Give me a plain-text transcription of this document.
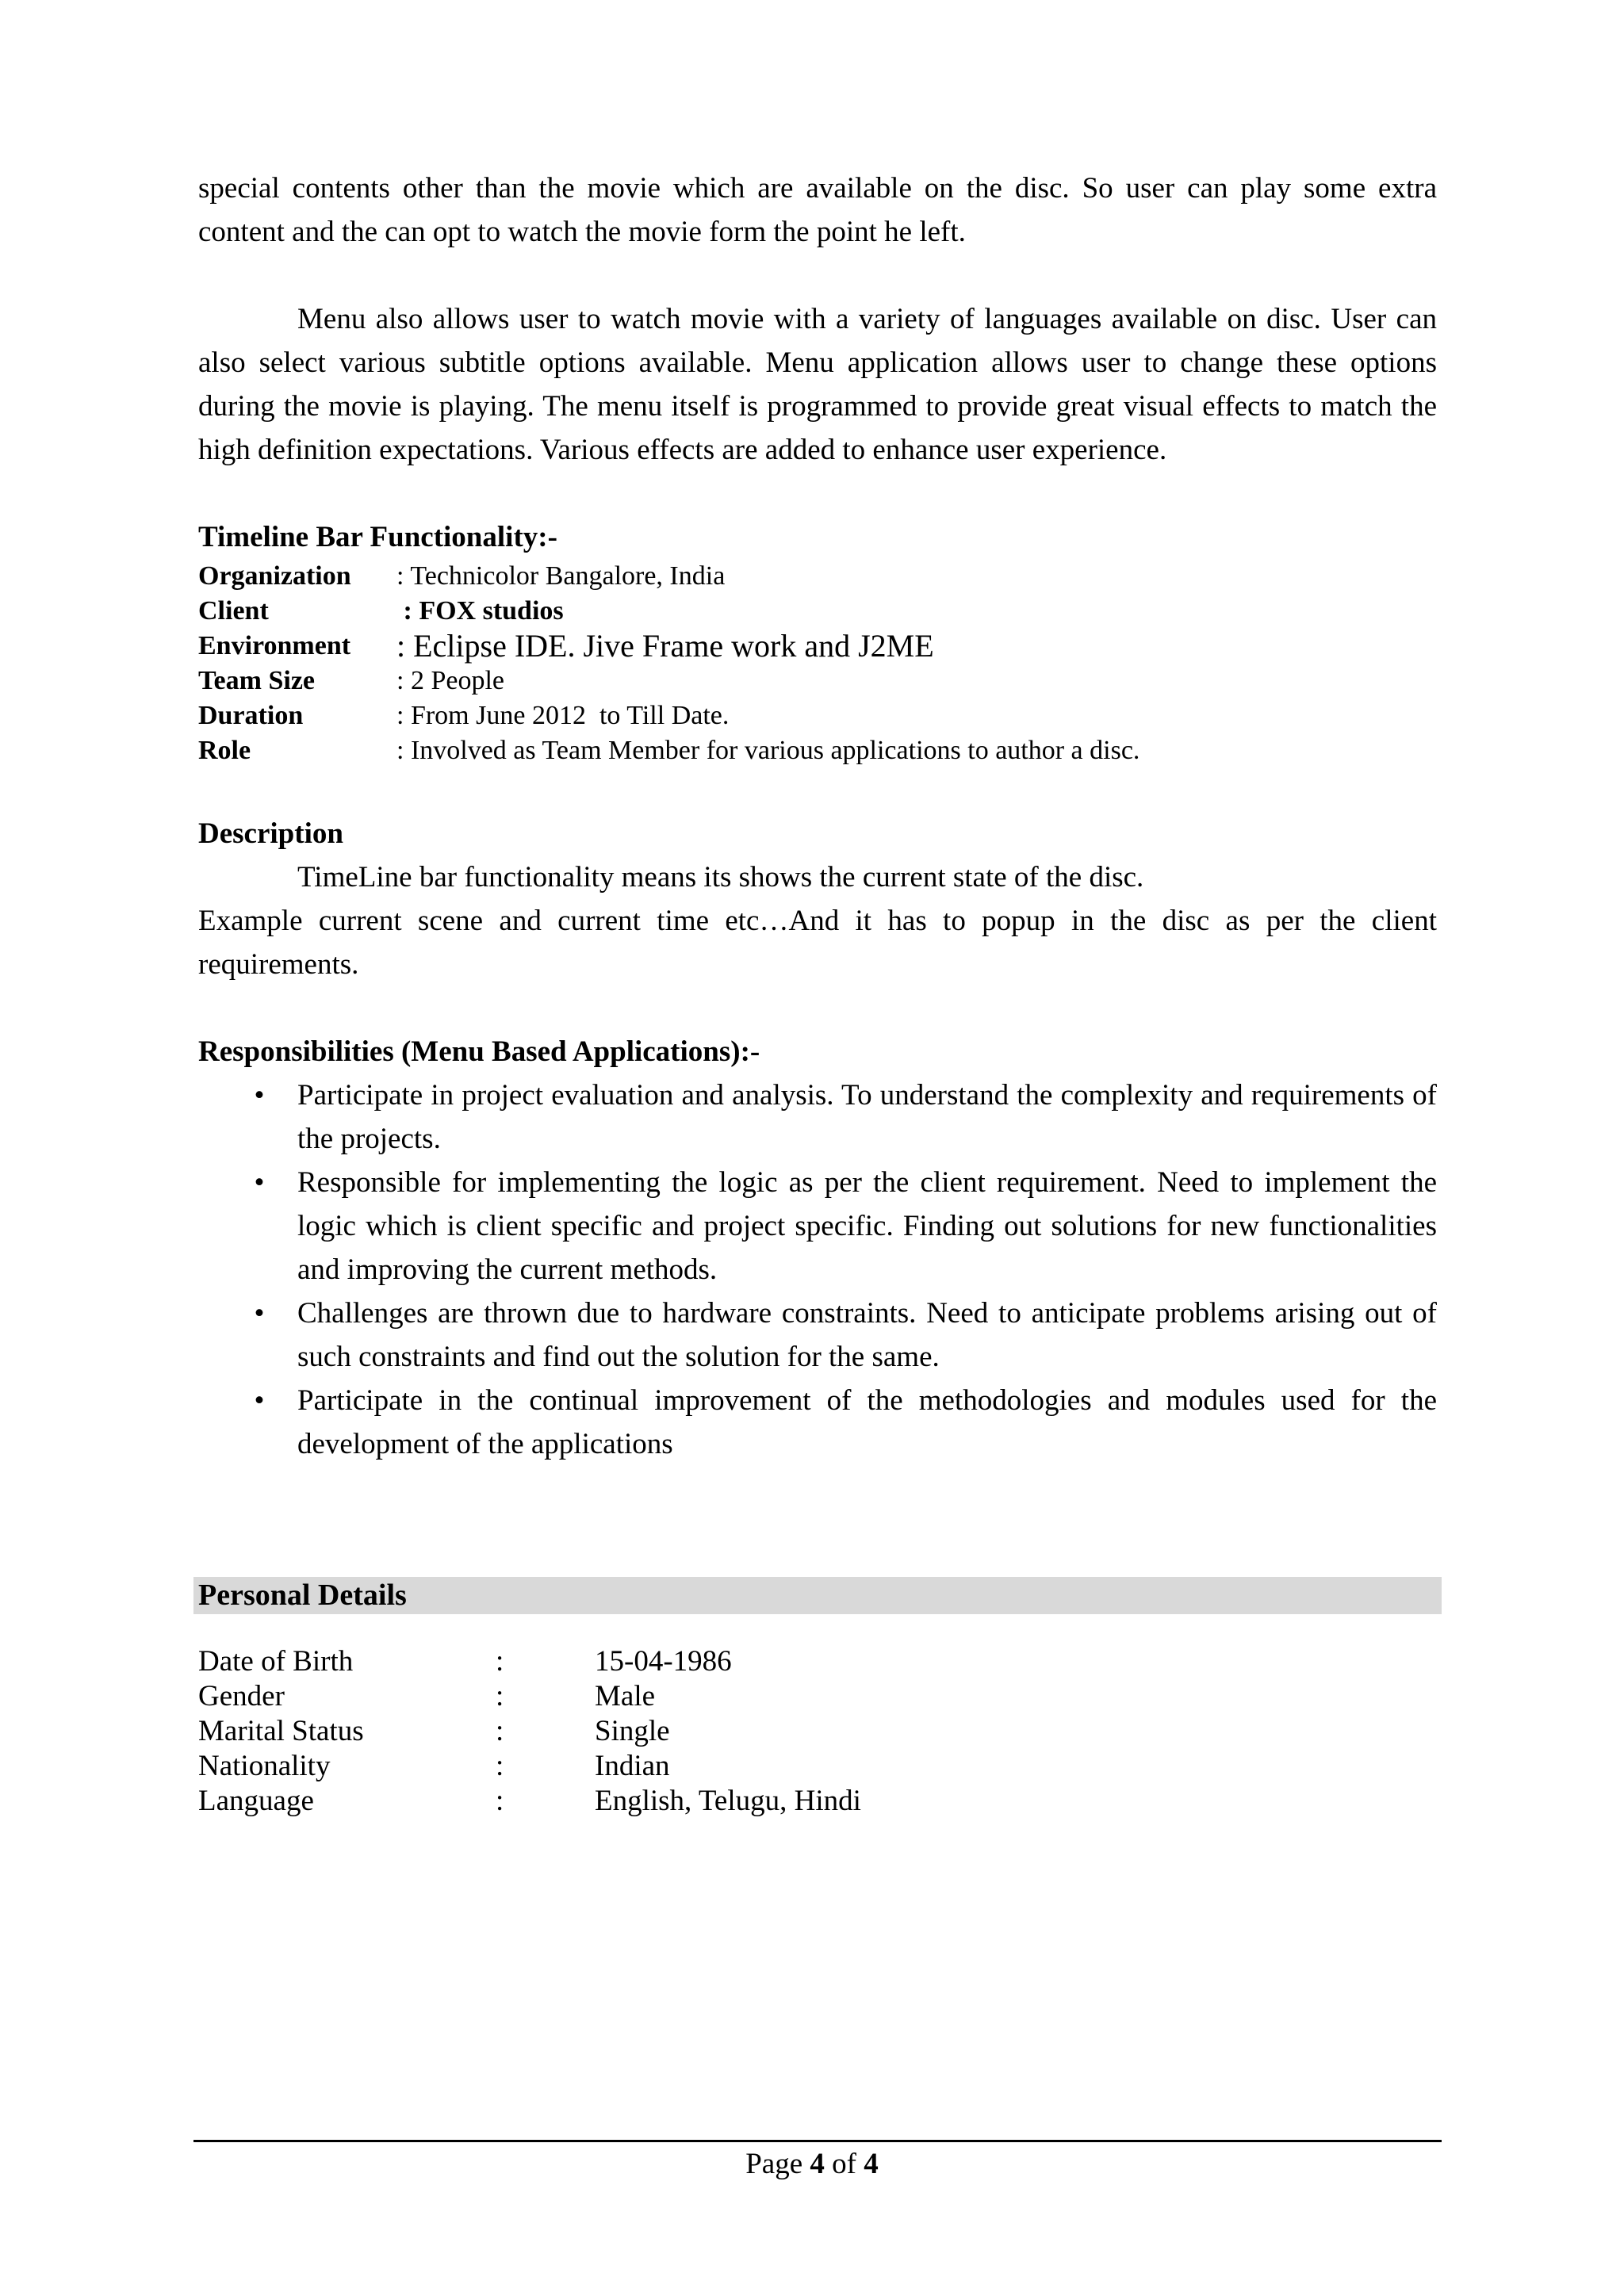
special contents other than the movie which are available on the disc. So user can play some extra content and the can opt to watch the movie form the point he left.

Menu also allows user to watch movie with a variety of languages available on disc. User can also select various subtitle options available. Menu application allows user to change these options during the movie is playing. The menu itself is programmed to provide great visual effects to match the high definition expectations. Various effects are added to enhance user experience.

Timeline Bar Functionality:-
Organization	: Technicolor Bangalore, India
Client	: FOX studios
Environment	: Eclipse IDE. Jive Frame work and J2ME
Team Size	: 2 People
Duration	: From June 2012  to Till Date.
Role	: Involved as Team Member for various applications to author a disc.
Description

TimeLine bar functionality means its shows the current state of the disc.

Example current scene and current time etc…And it has to popup in the disc as per the client requirements.

Responsibilities (Menu Based Applications):-
• Participate in project evaluation and analysis. To understand the complexity and requirements of the projects.
• Responsible for implementing the logic as per the client requirement. Need to implement the logic which is client specific and project specific. Finding out solutions for new functionalities and improving the current methods.
• Challenges are thrown due to hardware constraints. Need to anticipate problems arising out of such constraints and find out the solution for the same.
• Participate in the continual improvement of the methodologies and modules used for the development of the applications
Personal Details
Date of Birth	:	15-04-1986
Gender	:	Male
Marital Status	:	Single
Nationality	:	Indian
Language	:	English, Telugu, Hindi
Page 4 of 4
